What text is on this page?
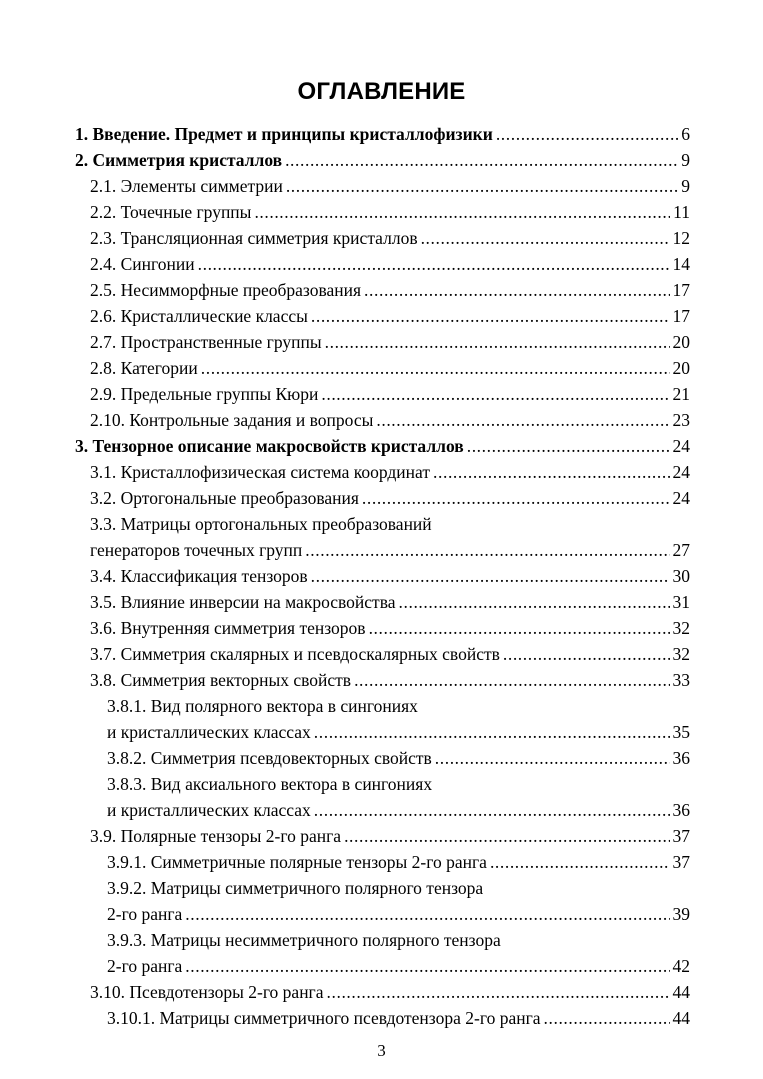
ОГЛАВЛЕНИЕ
1. Введение. Предмет и принципы кристаллофизики .....	6
2. Симметрия кристаллов .....	9
2.1. Элементы симметрии .....	9
2.2. Точечные группы .....	11
2.3. Трансляционная симметрия кристаллов .....	12
2.4. Сингонии .....	14
2.5. Несимморфные преобразования .....	17
2.6. Кристаллические классы .....	17
2.7. Пространственные группы .....	20
2.8. Категории .....	20
2.9. Предельные группы Кюри .....	21
2.10. Контрольные задания и вопросы .....	23
3. Тензорное описание макросвойств кристаллов .....	24
3.1. Кристаллофизическая система координат .....	24
3.2. Ортогональные преобразования .....	24
3.3. Матрицы ортогональных преобразований
генераторов точечных групп .....	27
3.4. Классификация тензоров .....	30
3.5. Влияние инверсии на макросвойства .....	31
3.6. Внутренняя симметрия тензоров .....	32
3.7. Симметрия скалярных и псевдоскалярных свойств .....	32
3.8. Симметрия векторных свойств .....	33
3.8.1. Вид полярного вектора в сингониях
и кристаллических классах .....	35
3.8.2. Симметрия псевдовекторных свойств .....	36
3.8.3. Вид аксиального вектора в сингониях
и кристаллических классах .....	36
3.9. Полярные тензоры 2-го ранга .....	37
3.9.1. Симметричные полярные тензоры 2-го ранга .....	37
3.9.2. Матрицы симметричного полярного тензора
2-го ранга .....	39
3.9.3. Матрицы несимметричного полярного тензора
2-го ранга .....	42
3.10. Псевдотензоры 2-го ранга .....	44
3.10.1. Матрицы симметричного псевдотензора 2-го ранга .....	44
3
